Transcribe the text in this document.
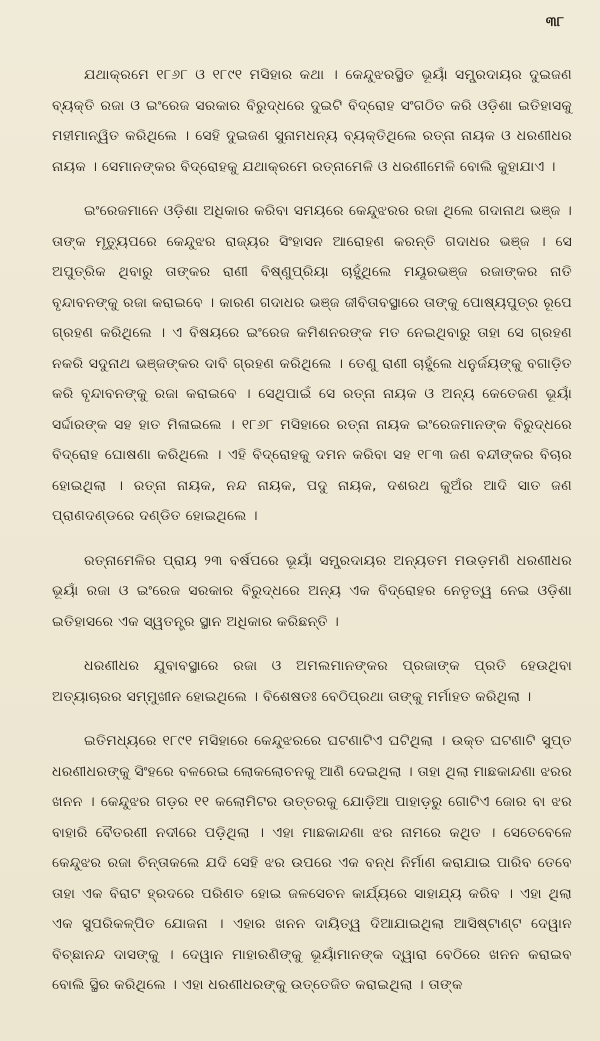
୩୮

ଯଥାକ୍ରମେ ୧୮୬୮ ଓ ୧୮୯୧ ମସିହାର କଥା । କେନ୍ଦୁଝରସ୍ଥିତ ଭୂୟାଁ ସମ୍ପ୍ରଦାୟର ଦୁଇଜଣ ବ୍ୟକ୍ତି ରଜା ଓ ଇଂରେଜ ସରକାର ବିରୁଦ୍ଧରେ ଦୁଇଟି ବିଦ୍ରୋହ ସଂଗଠିତ କରି ଓଡ଼ିଶା ଇତିହାସକୁ ମହୀମାନ୍ୱିତ କରିଥିଲେ । ସେହି ଦୁଇଜଣ ସୁନାମଧନ୍ୟ ବ୍ୟକ୍ତିଥିଲେ ରତ୍ନା ନାୟକ ଓ ଧରଣୀଧର ନାୟକ । ସେମାନଙ୍କର ବିଦ୍ରୋହକୁ ଯଥାକ୍ରମେ ରତ୍ନାମେଳି ଓ ଧରଣୀମେଳି ବୋଲି କୁହାଯାଏ ।

ଇଂରେଜମାନେ ଓଡ଼ିଶା ଅଧିକାର କରିବା ସମୟରେ କେନ୍ଦୁଝରର ରଜା ଥିଲେ ଗଦାନାଥ ଭଞ୍ଜ । ତାଙ୍କ ମୃତ୍ୟୁପରେ କେନ୍ଦୁଝର ରାଜ୍ୟର ସିଂହାସନ ଆରୋହଣ କରନ୍ତି ଗଦାଧର ଭଞ୍ଜ । ସେ ଅପୁତ୍ରିକ ଥିବାରୁ ତାଙ୍କର ରାଣୀ ବିଷ୍ଣୁପ୍ରିୟା ଚାହୁଁଥିଲେ ମୟୂରଭଞ୍ଜ ରଜାଙ୍କର ନାତି ବୃନ୍ଦାବନଙ୍କୁ ରଜା କରାଇବେ । କାରଣ ଗଦାଧର ଭଞ୍ଜ ଜୀବିତାବସ୍ଥାରେ ତାଙ୍କୁ ପୋଷ୍ୟପୁତ୍ର ରୂପେ ଗ୍ରହଣ କରିଥିଲେ । ଏ ବିଷୟରେ ଇଂରେଜ କମିଶନରଙ୍କ ମତ ନେଇଥିବାରୁ ତାହା ସେ ଗ୍ରହଣ ନକରି ସଦୁନାଥ ଭଞ୍ଜଙ୍କର ଦାବି ଗ୍ରହଣ କରିଥିଲେ । ତେଣୁ ରାଣୀ ଚାହୁଁଲେ ଧନୁର୍ଜୟଙ୍କୁ ବଗାଡ଼ିତ କରି ବୃନ୍ଦାବନଙ୍କୁ ରଜା କରାଇବେ । ସେଥିପାଇଁ ସେ ରତ୍ନା ନାୟକ ଓ ଅନ୍ୟ କେତେଜଣ ଭୂୟାଁ ସର୍ଦ୍ଦାରଙ୍କ ସହ ହାତ ମିଳାଇଲେ । ୧୮୬୮ ମସିହାରେ ରତ୍ନା ନାୟକ ଇଂରେଜମାନଙ୍କ ବିରୁଦ୍ଧରେ ବିଦ୍ରୋହ ଘୋଷଣା କରିଥିଲେ । ଏହି ବିଦ୍ରୋହକୁ ଦମନ କରିବା ସହ ୧୮୩ ଜଣ ବନ୍ଦୀଙ୍କର ବିଚାର ହୋଇଥିଲା । ରତ୍ନା ନାୟକ, ନନ୍ଦ ନାୟକ, ପଦୁ ନାୟକ, ଦଶରଥ କୁଅଁର ଆଦି ସାତ ଜଣ ପ୍ରାଣଦଣ୍ଡରେ ଦଣ୍ଡିତ ହୋଇଥିଲେ ।

ରତ୍ନାମେଳିର ପ୍ରାୟ ୨୩ ବର୍ଷପରେ ଭୂୟାଁ ସମ୍ପ୍ରଦାୟର ଅନ୍ୟତମ ମଉଡ଼ମଣି ଧରଣୀଧର ଭୂୟାଁ ରଜା ଓ ଇଂରେଜ ସରକାର ବିରୁଦ୍ଧରେ ଅନ୍ୟ ଏକ ବିଦ୍ରୋହର ନେତୃତ୍ୱ ନେଇ ଓଡ଼ିଶା ଇତିହାସରେ ଏକ ସ୍ୱତନ୍ତ୍ର ସ୍ଥାନ ଅଧିକାର କରିଛନ୍ତି ।

ଧରଣୀଧର ଯୁବାବସ୍ଥାରେ ରଜା ଓ ଅମଲମାନଙ୍କର ପ୍ରଜାଙ୍କ ପ୍ରତି ହେଉଥିବା ଅତ୍ୟାଚାରର ସମ୍ମୁଖୀନ ହୋଇଥିଲେ । ବିଶେଷତଃ ବେଠିପ୍ରଥା ତାଙ୍କୁ ମର୍ମାହତ କରିଥିଲା ।

ଇତିମଧ୍ୟରେ ୧୮୯୧ ମସିହାରେ କେନ୍ଦୁଝରରେ ଘଟଣାଟିଏ ଘଟିଥିଲା । ଉକ୍ତ ଘଟଣାଟି ସୁପ୍ତ ଧରଣୀଧରଙ୍କୁ ସିଂହରେ ବଳରେଇ ଲୋକଲୋଚନକୁ ଆଣି ଦେଇଥିଲା । ତାହା ଥିଲା ମାଛକାନ୍ଦଣା ଝରର ଖନନ । କେନ୍ଦୁଝର ଗଡ଼ର ୧୧ କଲୋମିଟର ଉତ୍ତରକୁ ଯୋଡ଼ିଆ ପାହାଡ଼ରୁ ଗୋଟିଏ ଜୋର ବା ଝର ବାହାରି ବୈତରଣୀ ନଦୀରେ ପଡ଼ିଥିଲା । ଏହା ମାଛକାନ୍ଦଣା ଝର ନାମରେ କଥିତ । ସେତେବେଳେ କେନ୍ଦୁଝର ରଜା ଚିନ୍ତାକଲେ ଯଦି ସେହି ଝର ଉପରେ ଏକ ବନ୍ଧ ନିର୍ମାଣ କରାଯାଇ ପାରିବ ତେବେ ତାହା ଏକ ବିରାଟ ହ୍ରଦରେ ପରିଣତ ହୋଇ ଜଳସେଚନ କାର୍ଯ୍ୟରେ ସାହାଯ୍ୟ କରିବ । ଏହା ଥିଲା ଏକ ସୁପରିକଳ୍ପିତ ଯୋଜନା । ଏହାର ଖନନ ଦାୟିତ୍ୱ ଦିଆଯାଇଥିଲା ଆସିଷ୍ଟାଣ୍ଟ ଦେୱାନ ବିଚ୍ଛାନନ୍ଦ ଦାସଙ୍କୁ । ଦେୱାନ ମାହାରଣିଙ୍କୁ ଭୂୟାଁମାନଙ୍କ ଦ୍ୱାରା ବେଠିରେ ଖନନ କରାଇବ ବୋଲି ସ୍ଥିର କରିଥିଲେ । ଏହା ଧରଣୀଧରଙ୍କୁ ଉତ୍ତେଜିତ କରାଇଥିଲା । ତାଙ୍କ
